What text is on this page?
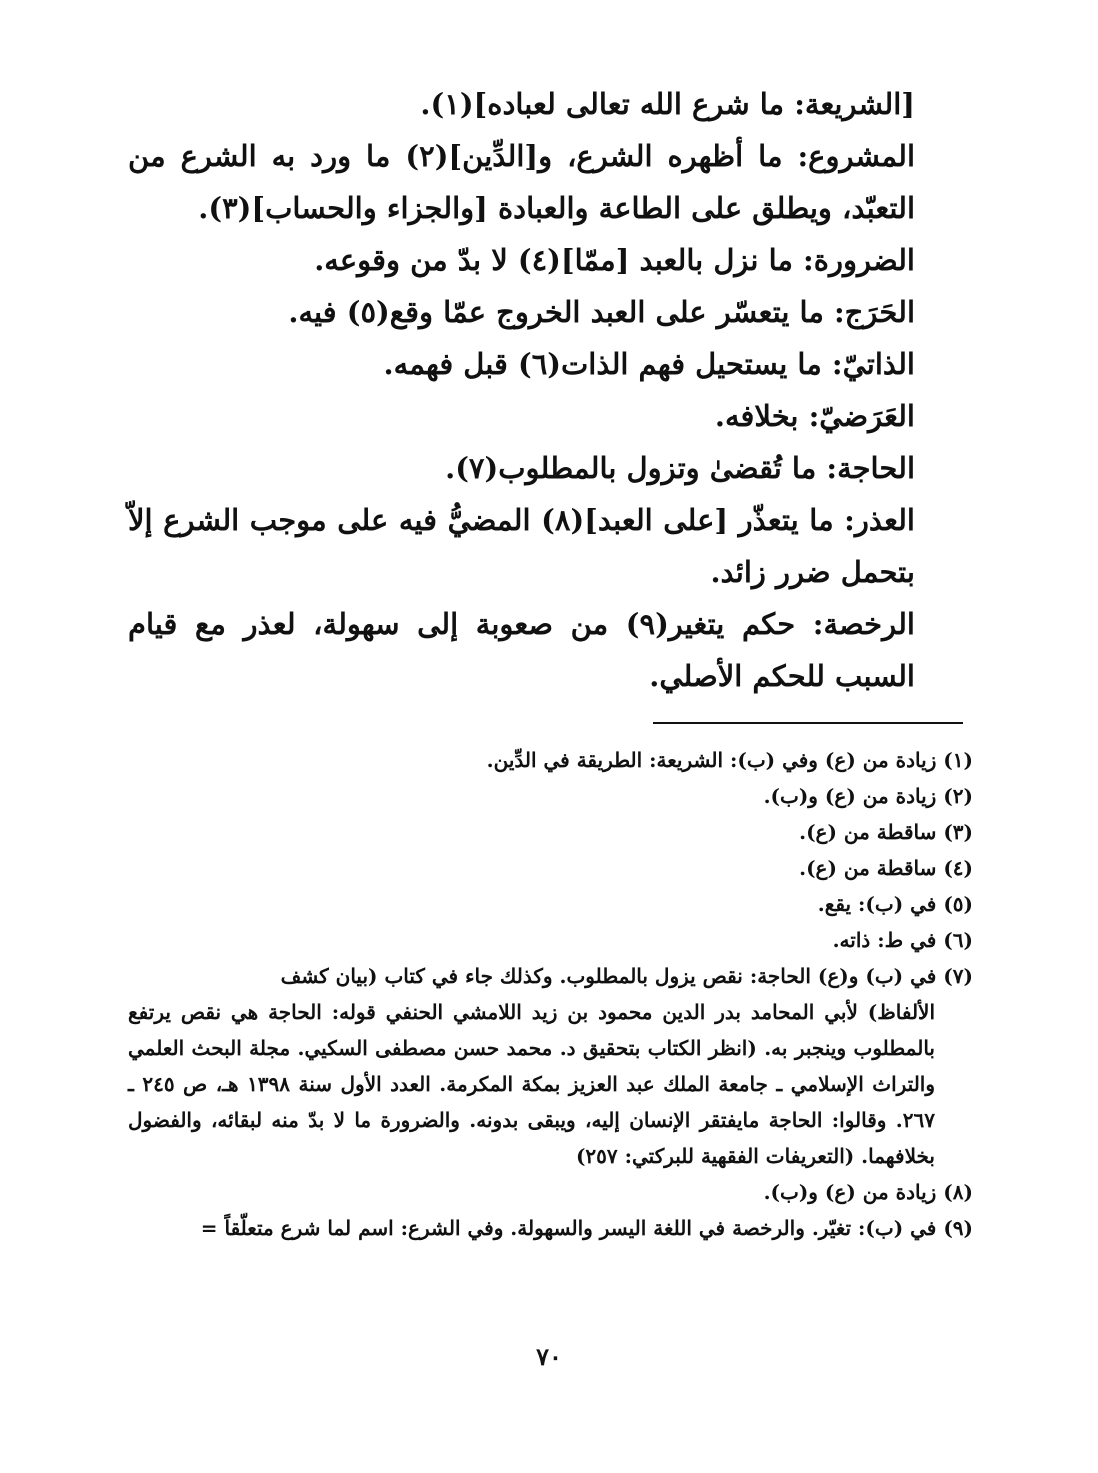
[الشريعة: ما شرع الله تعالى لعباده](١).

المشروع: ما أظهره الشرع، و[الدِّين](٢) ما ورد به الشرع من التعبّد، ويطلق على الطاعة والعبادة [والجزاء والحساب](٣).

الضرورة: ما نزل بالعبد [ممّا](٤) لا بدّ من وقوعه.

الحَرَج: ما يتعسّر على العبد الخروج عمّا وقع(٥) فيه.

الذاتيّ: ما يستحيل فهم الذات(٦) قبل فهمه.

العَرَضيّ: بخلافه.

الحاجة: ما تُقضىٰ وتزول بالمطلوب(٧).

العذر: ما يتعذّر [على العبد](٨) المضيُّ فيه على موجب الشرع إلاّ بتحمل ضرر زائد.

الرخصة: حكم يتغير(٩) من صعوبة إلى سهولة، لعذر مع قيام السبب للحكم الأصلي.

(١) زيادة من (ع) وفي (ب): الشريعة: الطريقة في الدِّين.

(٢) زيادة من (ع) و(ب).

(٣) ساقطة من (ع).

(٤) ساقطة من (ع).

(٥) في (ب): يقع.

(٦) في ط: ذاته.

(٧) في (ب) و(ع) الحاجة: نقص يزول بالمطلوب. وكذلك جاء في كتاب (بيان كشف
الألفاظ) لأبي المحامد بدر الدين محمود بن زيد اللامشي الحنفي قوله: الحاجة هي نقص يرتفع بالمطلوب وينجبر به. (انظر الكتاب بتحقيق د. محمد حسن مصطفى السكيي. مجلة البحث العلمي والتراث الإسلامي ـ جامعة الملك عبد العزيز بمكة المكرمة. العدد الأول سنة ١٣٩٨ هـ، ص ٢٤٥ ـ ٢٦٧. وقالوا: الحاجة مايفتقر الإنسان إليه، ويبقى بدونه. والضرورة ما لا بدّ منه لبقائه، والفضول بخلافهما. (التعريفات الفقهية للبركتي: ٢٥٧)

(٨) زيادة من (ع) و(ب).

(٩) في (ب): تغيّر. والرخصة في اللغة اليسر والسهولة. وفي الشرع: اسم لما شرع متعلّقاً =

٧٠
